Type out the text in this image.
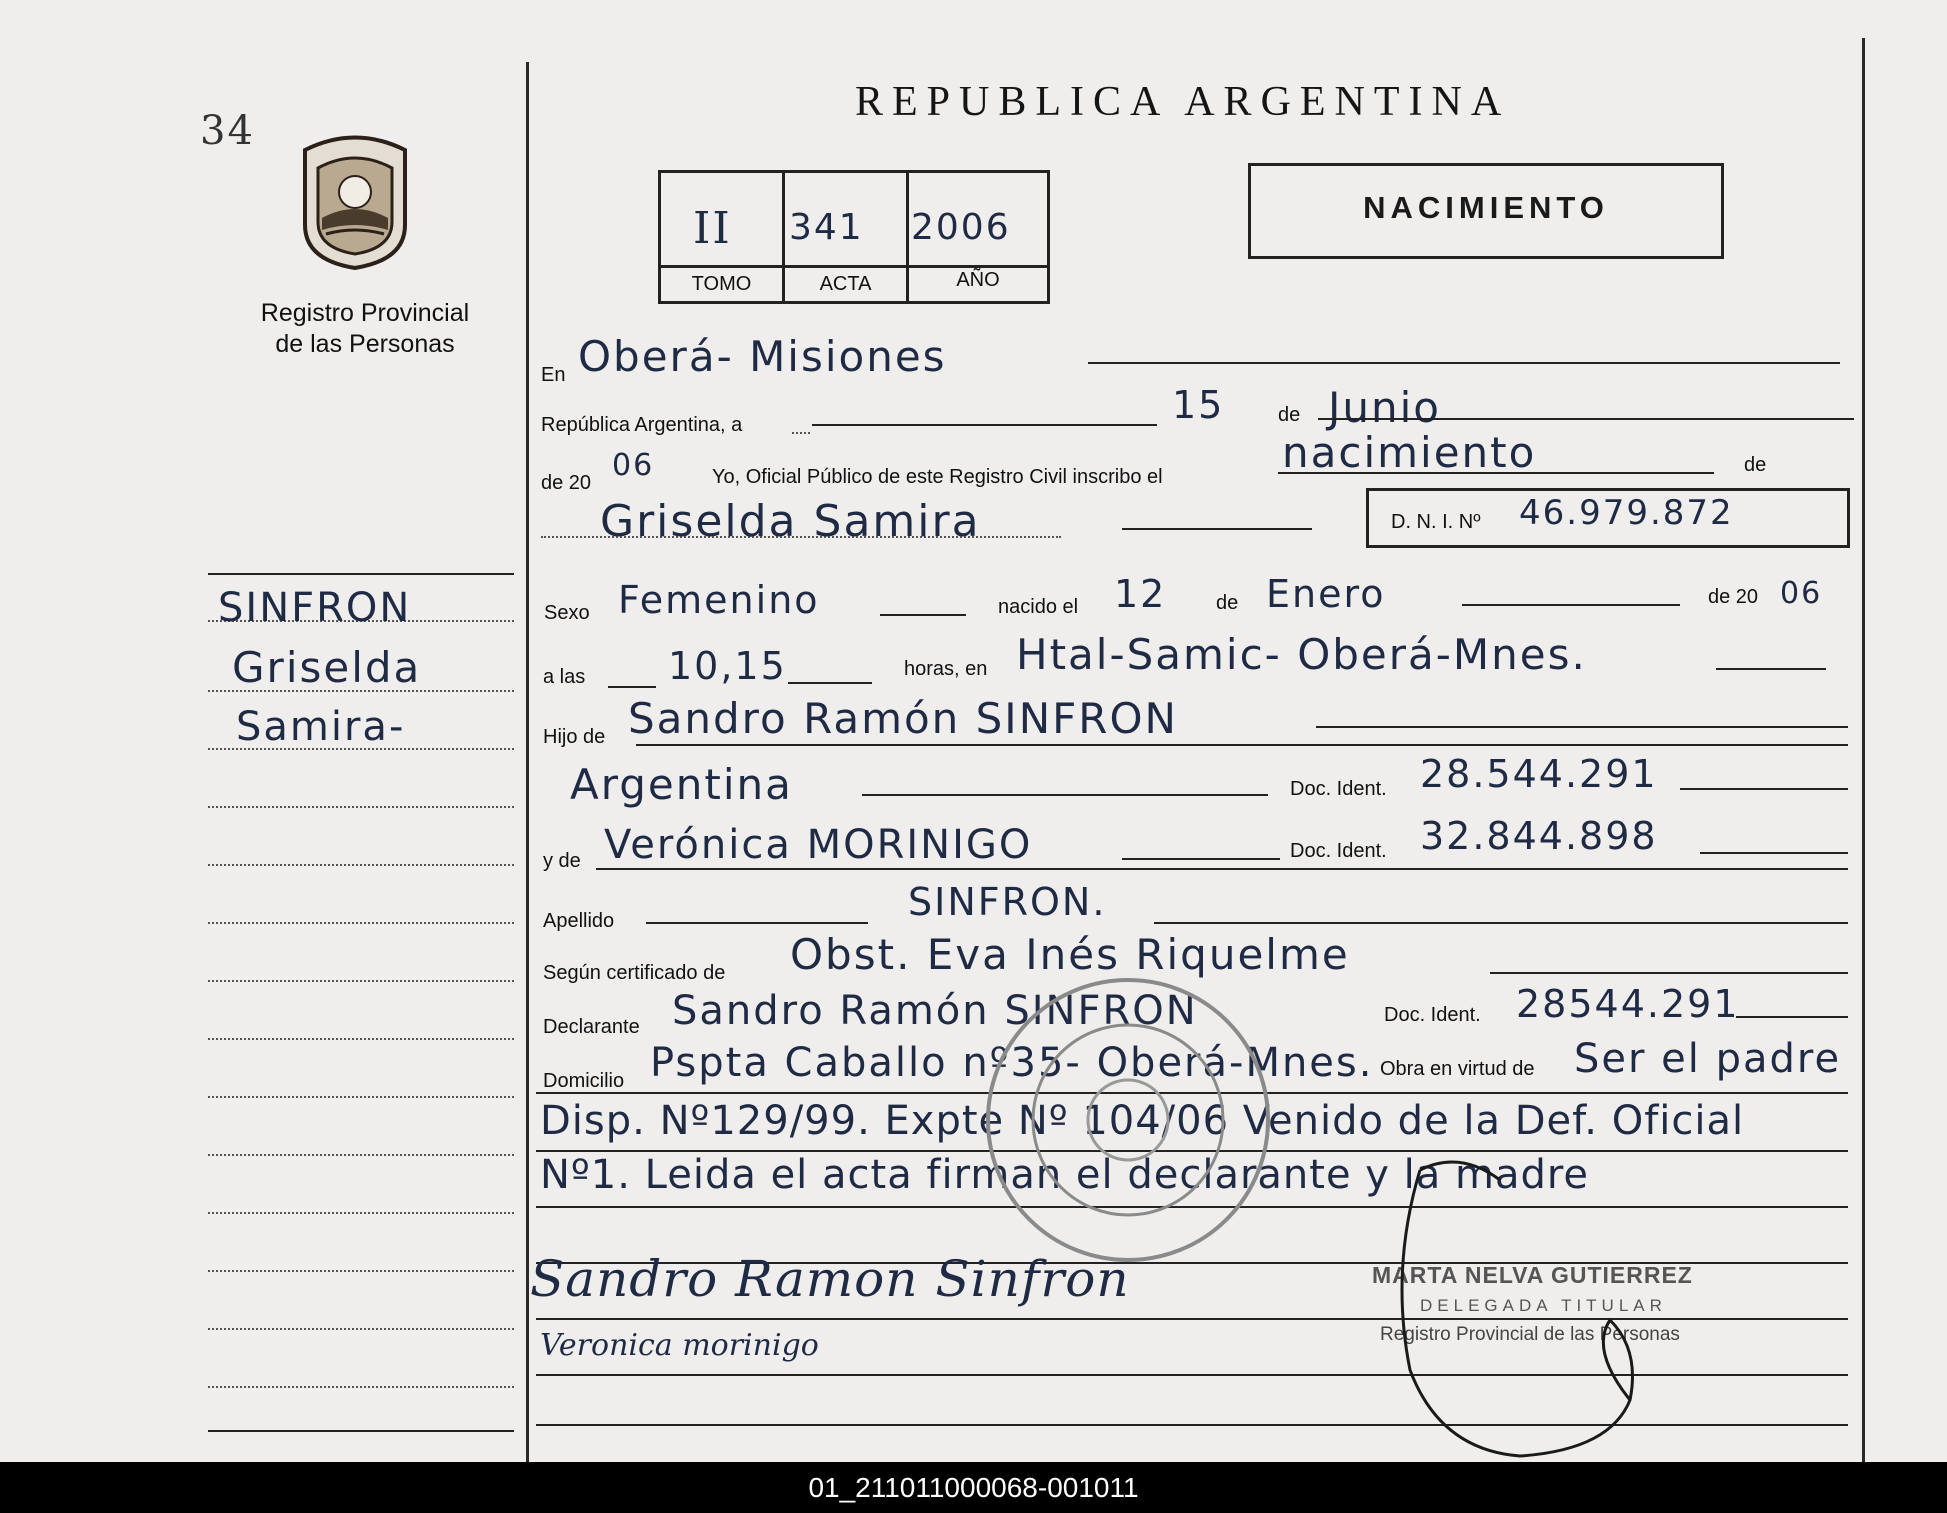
34
Registro Provincial
de las Personas
REPUBLICA ARGENTINA
II 341 2006
TOMO	ACTA	AÑO
NACIMIENTO
SINFRON
Griselda
Samira-
En Oberá- Misiones
República Argentina, a	15	de Junio
de 20 06	Yo, Oficial Público de este Registro Civil inscribo el	nacimiento	de
Griselda Samira	D. N. I. Nº 46.979.872
Sexo Femenino	nacido el 12 de Enero	de 20 06
a las 10,15	horas, en Htal-Samic- Oberá-Mnes.
Hijo de Sandro Ramón SINFRON
Argentina	Doc. Ident. 28.544.291
y de Verónica MORINIGO	Doc. Ident. 32.844.898
Apellido	SINFRON.
Según certificado de Obst. Eva Inés Riquelme
Declarante Sandro Ramón SINFRON	Doc. Ident. 28544.291
Domicilio Pspta Caballo nº35- Oberá-Mnes. Obra en virtud de Ser el padre
Disp. Nº129/99. Expte Nº 104/06 Venido de la Def. Oficial
Nº1. Leida el acta firman el declarante y la madre
Sandro Ramon Sinfron
Veronica morinigo
MARTA NELVA GUTIERREZ
DELEGADA TITULAR
Registro Provincial de las Personas
01_211011000068-001011
